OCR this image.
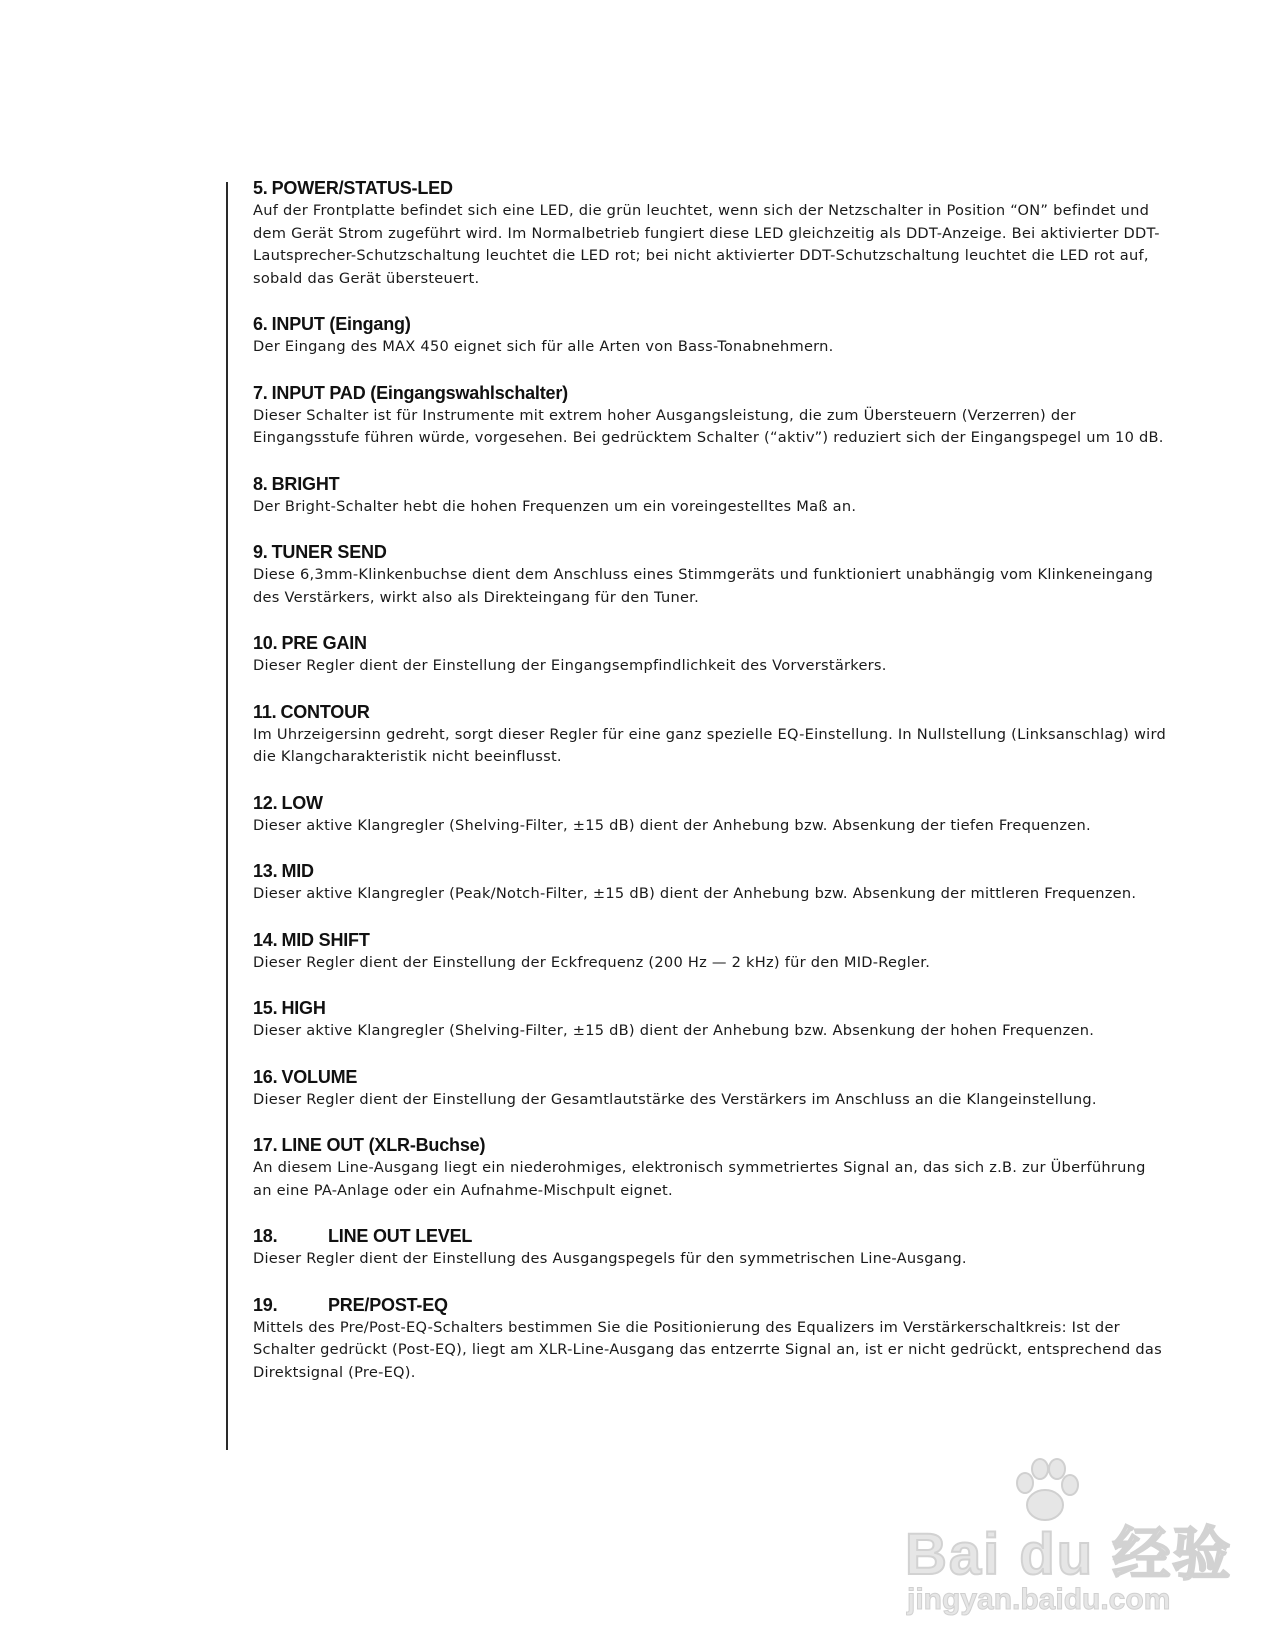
5. POWER/STATUS-LED

Auf der Frontplatte befindet sich eine LED, die grün leuchtet, wenn sich der Netzschalter in Position “ON” befindet und dem Gerät Strom zugeführt wird. Im Normalbetrieb fungiert diese LED gleichzeitig als DDT-Anzeige. Bei aktivierter DDT-Lautsprecher-Schutzschaltung leuchtet die LED rot; bei nicht aktivierter DDT-Schutzschaltung leuchtet die LED rot auf, sobald das Gerät übersteuert.

6. INPUT (Eingang)

Der Eingang des MAX 450 eignet sich für alle Arten von Bass-Tonabnehmern.

7. INPUT PAD (Eingangswahlschalter)

Dieser Schalter ist für Instrumente mit extrem hoher Ausgangsleistung, die zum Übersteuern (Verzerren) der Eingangsstufe führen würde, vorgesehen. Bei gedrücktem Schalter (“aktiv”) reduziert sich der Eingangspegel um 10 dB.

8. BRIGHT

Der Bright-Schalter hebt die hohen Frequenzen um ein voreingestelltes Maß an.

9. TUNER SEND

Diese 6,3mm-Klinkenbuchse dient dem Anschluss eines Stimmgeräts und funktioniert unabhängig vom Klinkeneingang des Verstärkers, wirkt also als Direkteingang für den Tuner.

10. PRE GAIN

Dieser Regler dient der Einstellung der Eingangsempfindlichkeit des Vorverstärkers.

11. CONTOUR

Im Uhrzeigersinn gedreht, sorgt dieser Regler für eine ganz spezielle EQ-Einstellung. In Nullstellung (Linksanschlag) wird die Klangcharakteristik nicht beeinflusst.

12. LOW

Dieser aktive Klangregler (Shelving-Filter, ±15 dB) dient der Anhebung bzw. Absenkung der tiefen Frequenzen.

13. MID

Dieser aktive Klangregler (Peak/Notch-Filter, ±15 dB) dient der Anhebung bzw. Absenkung der mittleren Frequenzen.

14. MID SHIFT

Dieser Regler dient der Einstellung der Eckfrequenz (200 Hz — 2 kHz) für den MID-Regler.

15. HIGH

Dieser aktive Klangregler (Shelving-Filter, ±15 dB) dient der Anhebung bzw. Absenkung der hohen Frequenzen.

16. VOLUME

Dieser Regler dient der Einstellung der Gesamtlautstärke des Verstärkers im Anschluss an die Klangeinstellung.

17. LINE OUT (XLR-Buchse)

An diesem Line-Ausgang liegt ein niederohmiges, elektronisch symmetriertes Signal an, das sich z.B. zur Überführung an eine PA-Anlage oder ein Aufnahme-Mischpult eignet.

18.	LINE OUT LEVEL

Dieser Regler dient der Einstellung des Ausgangspegels für den symmetrischen Line-Ausgang.

19.	PRE/POST-EQ

Mittels des Pre/Post-EQ-Schalters bestimmen Sie die Positionierung des Equalizers im Verstärkerschaltkreis: Ist der Schalter gedrückt (Post-EQ), liegt am XLR-Line-Ausgang das entzerrte Signal an, ist er nicht gedrückt, entsprechend das Direktsignal (Pre-EQ).

Bai du 经验
jingyan.baidu.com
